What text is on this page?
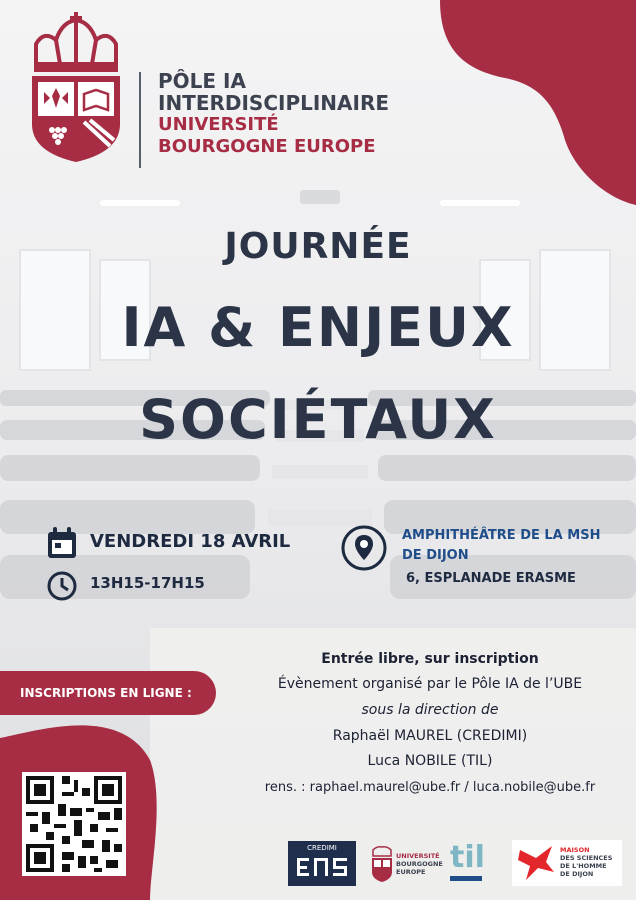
PÔLE IA
INTERDISCIPLINAIRE
UNIVERSITÉ
BOURGOGNE EUROPE
JOURNÉE
IA & ENJEUX
SOCIÉTAUX
VENDREDI 18 AVRIL
13H15-17H15
AMPHITHÉÂTRE DE LA MSH
DE DIJON
6, ESPLANADE ERASME
Entrée libre, sur inscription
Évènement organisé par le Pôle IA de l’UBE
sous la direction de
Raphaël MAUREL (CREDIMI)
Luca NOBILE (TIL)
rens. : raphael.maurel@ube.fr / luca.nobile@ube.fr
INSCRIPTIONS EN LIGNE :
CREDIMI
UNIVERSITÉ
BOURGOGNE
EUROPE til	MAISON
DES SCIENCES
DE L'HOMME
DE DIJON
